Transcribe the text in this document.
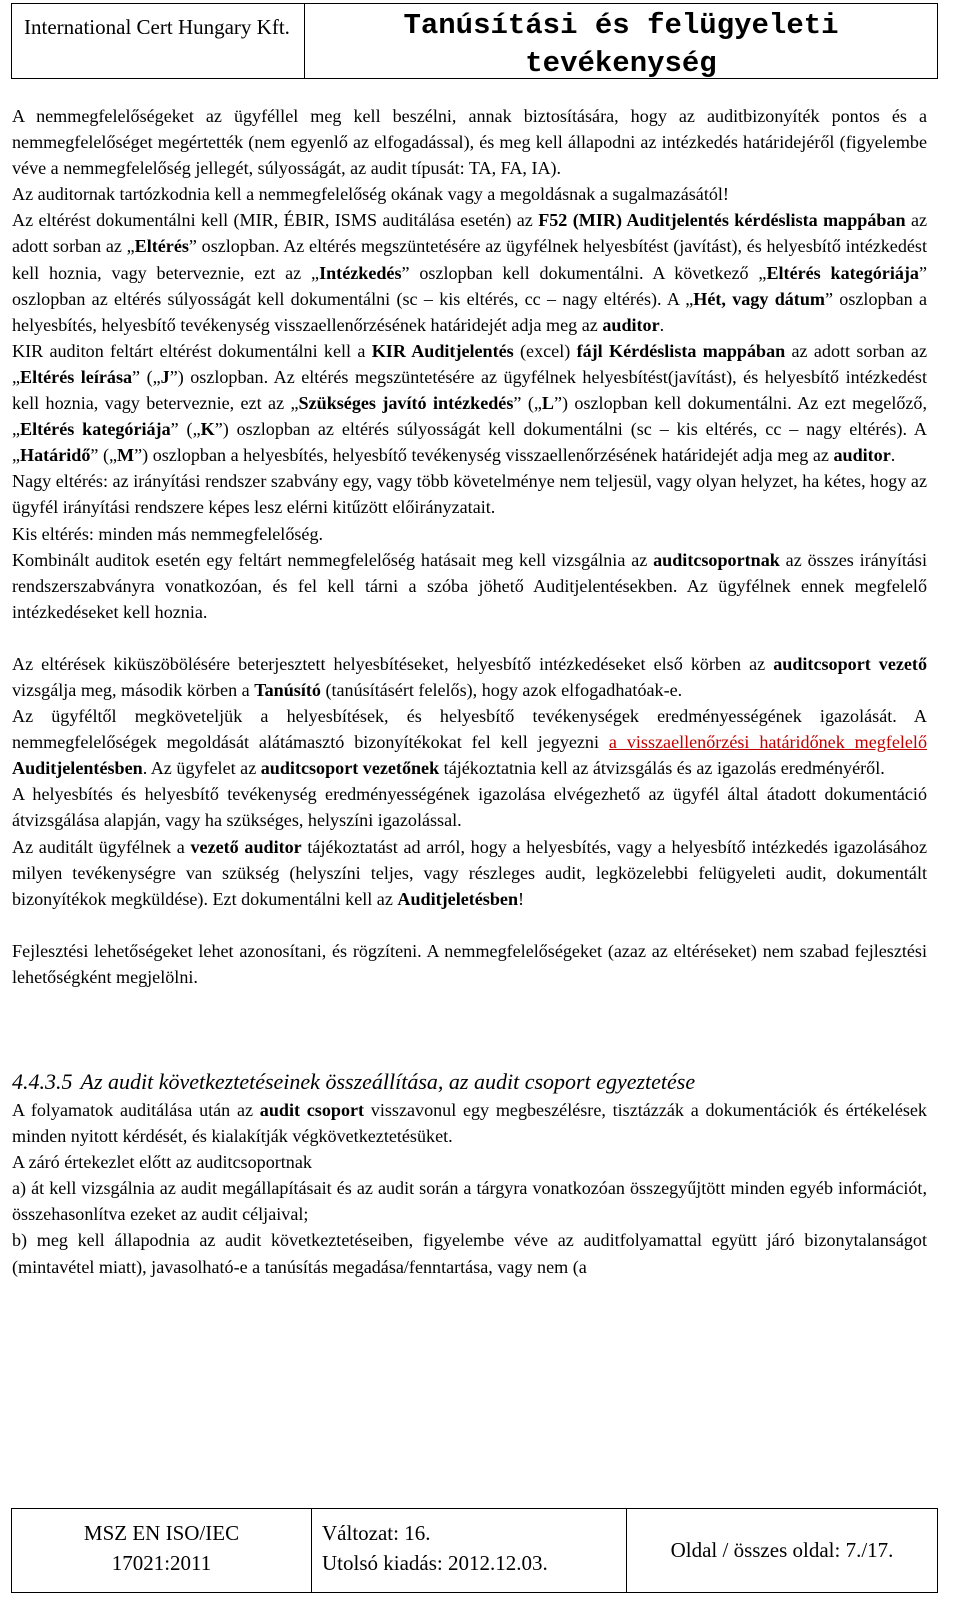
International Cert Hungary Kft.	Tanúsítási és felügyeleti tevékenység

A nemmegfelelőségeket az ügyféllel meg kell beszélni, annak biztosítására, hogy az auditbizonyíték pontos és a nemmegfelelőséget megértették (nem egyenlő az elfogadással), és meg kell állapodni az intézkedés határidejéről (figyelembe véve a nemmegfelelőség jellegét, súlyosságát, az audit típusát: TA, FA, IA).

Az auditornak tartózkodnia kell a nemmegfelelőség okának vagy a megoldásnak a sugalmazásától!

Az eltérést dokumentálni kell (MIR, ÉBIR, ISMS auditálása esetén) az F52 (MIR) Auditjelentés kérdéslista mappában az adott sorban az „Eltérés” oszlopban. Az eltérés megszüntetésére az ügyfélnek helyesbítést (javítást), és helyesbítő intézkedést kell hoznia, vagy beterveznie, ezt az „Intézkedés” oszlopban kell dokumentálni. A következő „Eltérés kategóriája” oszlopban az eltérés súlyosságát kell dokumentálni (sc – kis eltérés, cc – nagy eltérés). A „Hét, vagy dátum” oszlopban a helyesbítés, helyesbítő tevékenység visszaellenőrzésének határidejét adja meg az auditor.

KIR auditon feltárt eltérést dokumentálni kell a KIR Auditjelentés (excel) fájl Kérdéslista mappában az adott sorban az „Eltérés leírása” („J”) oszlopban. Az eltérés megszüntetésére az ügyfélnek helyesbítést(javítást), és helyesbítő intézkedést kell hoznia, vagy beterveznie, ezt az „Szükséges javító intézkedés” („L”) oszlopban kell dokumentálni. Az ezt megelőző, „Eltérés kategóriája” („K”) oszlopban az eltérés súlyosságát kell dokumentálni (sc – kis eltérés, cc – nagy eltérés). A „Határidő” („M”) oszlopban a helyesbítés, helyesbítő tevékenység visszaellenőrzésének határidejét adja meg az auditor.

Nagy eltérés: az irányítási rendszer szabvány egy, vagy több követelménye nem teljesül, vagy olyan helyzet, ha kétes, hogy az ügyfél irányítási rendszere képes lesz elérni kitűzött előirányzatait.

Kis eltérés: minden más nemmegfelelőség.

Kombinált auditok esetén egy feltárt nemmegfelelőség hatásait meg kell vizsgálnia az auditcsoportnak az összes irányítási rendszerszabványra vonatkozóan, és fel kell tárni a szóba jöhető Auditjelentésekben. Az ügyfélnek ennek megfelelő intézkedéseket kell hoznia.

Az eltérések kiküszöbölésére beterjesztett helyesbítéseket, helyesbítő intézkedéseket első körben az auditcsoport vezető vizsgálja meg, második körben a Tanúsító (tanúsításért felelős), hogy azok elfogadhatóak-e.

Az ügyféltől megköveteljük a helyesbítések, és helyesbítő tevékenységek eredményességének igazolását. A nemmegfelelőségek megoldását alátámasztó bizonyítékokat fel kell jegyezni a visszaellenőrzési határidőnek megfelelő Auditjelentésben. Az ügyfelet az auditcsoport vezetőnek tájékoztatnia kell az átvizsgálás és az igazolás eredményéről.

A helyesbítés és helyesbítő tevékenység eredményességének igazolása elvégezhető az ügyfél által átadott dokumentáció átvizsgálása alapján, vagy ha szükséges, helyszíni igazolással.

Az auditált ügyfélnek a vezető auditor tájékoztatást ad arról, hogy a helyesbítés, vagy a helyesbítő intézkedés igazolásához milyen tevékenységre van szükség (helyszíni teljes, vagy részleges audit, legközelebbi felügyeleti audit, dokumentált bizonyítékok megküldése). Ezt dokumentálni kell az Auditjeletésben!

Fejlesztési lehetőségeket lehet azonosítani, és rögzíteni. A nemmegfelelőségeket (azaz az eltéréseket) nem szabad fejlesztési lehetőségként megjelölni.

4.4.3.5 Az audit következtetéseinek összeállítása, az audit csoport egyeztetése

A folyamatok auditálása után az audit csoport visszavonul egy megbeszélésre, tisztázzák a dokumentációk és értékelések minden nyitott kérdését, és kialakítják végkövetkeztetésüket.

A záró értekezlet előtt az auditcsoportnak

a) át kell vizsgálnia az audit megállapításait és az audit során a tárgyra vonatkozóan összegyűjtött minden egyéb információt, összehasonlítva ezeket az audit céljaival;

b) meg kell állapodnia az audit következtetéseiben, figyelembe véve az auditfolyamattal együtt járó bizonytalanságot (mintavétel miatt), javasolható-e a tanúsítás megadása/fenntartása, vagy nem (a

MSZ EN ISO/IEC
17021:2011
Változat: 16.
Utolsó kiadás: 2012.12.03.
Oldal / összes oldal: 7./17.
